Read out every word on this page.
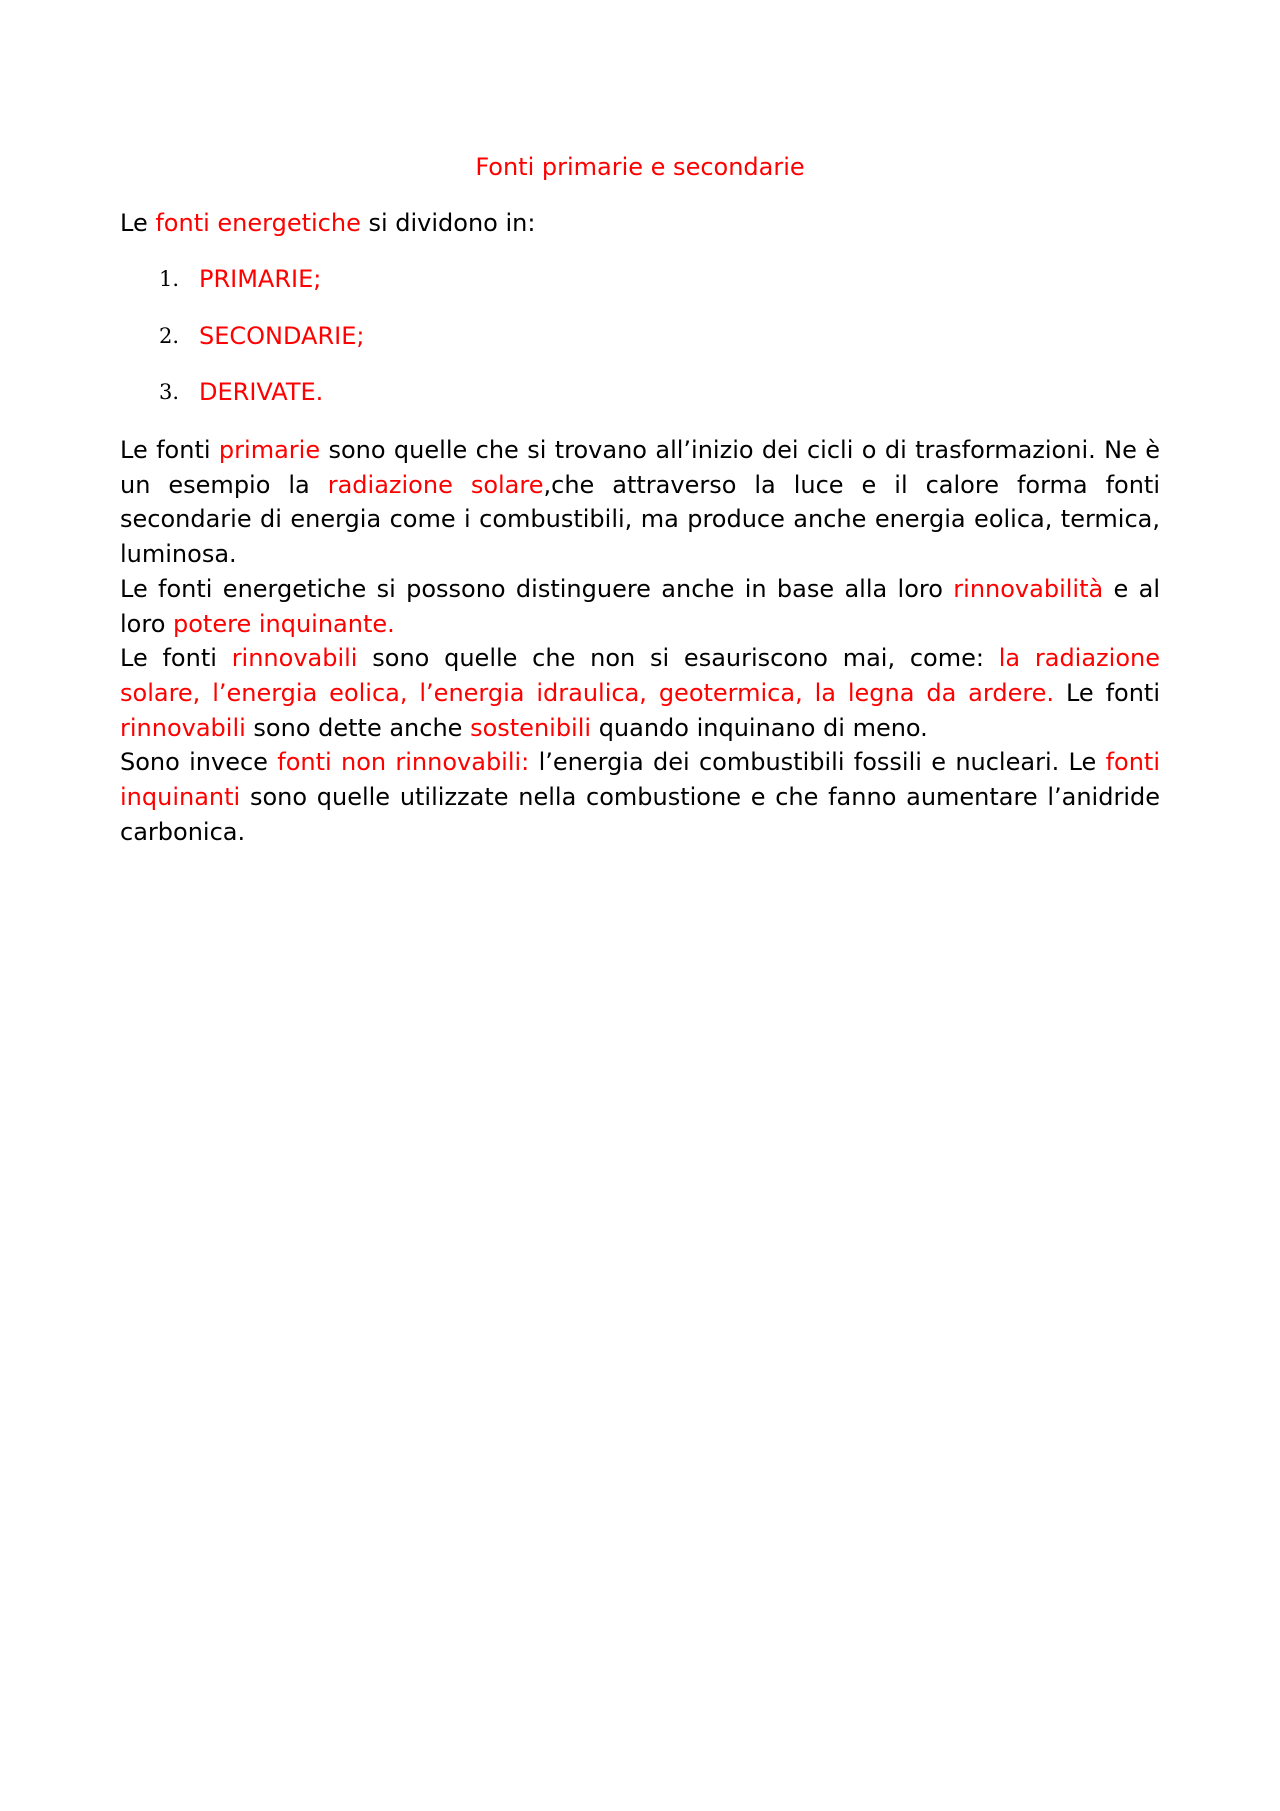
Fonti primarie e secondarie
Le fonti energetiche si dividono in:
1. PRIMARIE;
2. SECONDARIE;
3. DERIVATE.

Le fonti primarie sono quelle che si trovano all’inizio dei cicli o di trasformazioni. Ne è un esempio la radiazione solare,che attraverso la luce e il calore forma fonti secondarie di energia come i combustibili, ma produce anche energia eolica, termica, luminosa.

Le fonti energetiche si possono distinguere anche in base alla loro rinnovabilità e al loro potere inquinante.

Le fonti rinnovabili sono quelle che non si esauriscono mai, come: la radiazione solare, l’energia eolica, l’energia idraulica, geotermica, la legna da ardere. Le fonti rinnovabili sono dette anche sostenibili quando inquinano di meno.

Sono invece fonti non rinnovabili: l’energia dei combustibili fossili e nucleari. Le fonti inquinanti sono quelle utilizzate nella combustione e che fanno aumentare l’anidride carbonica.
